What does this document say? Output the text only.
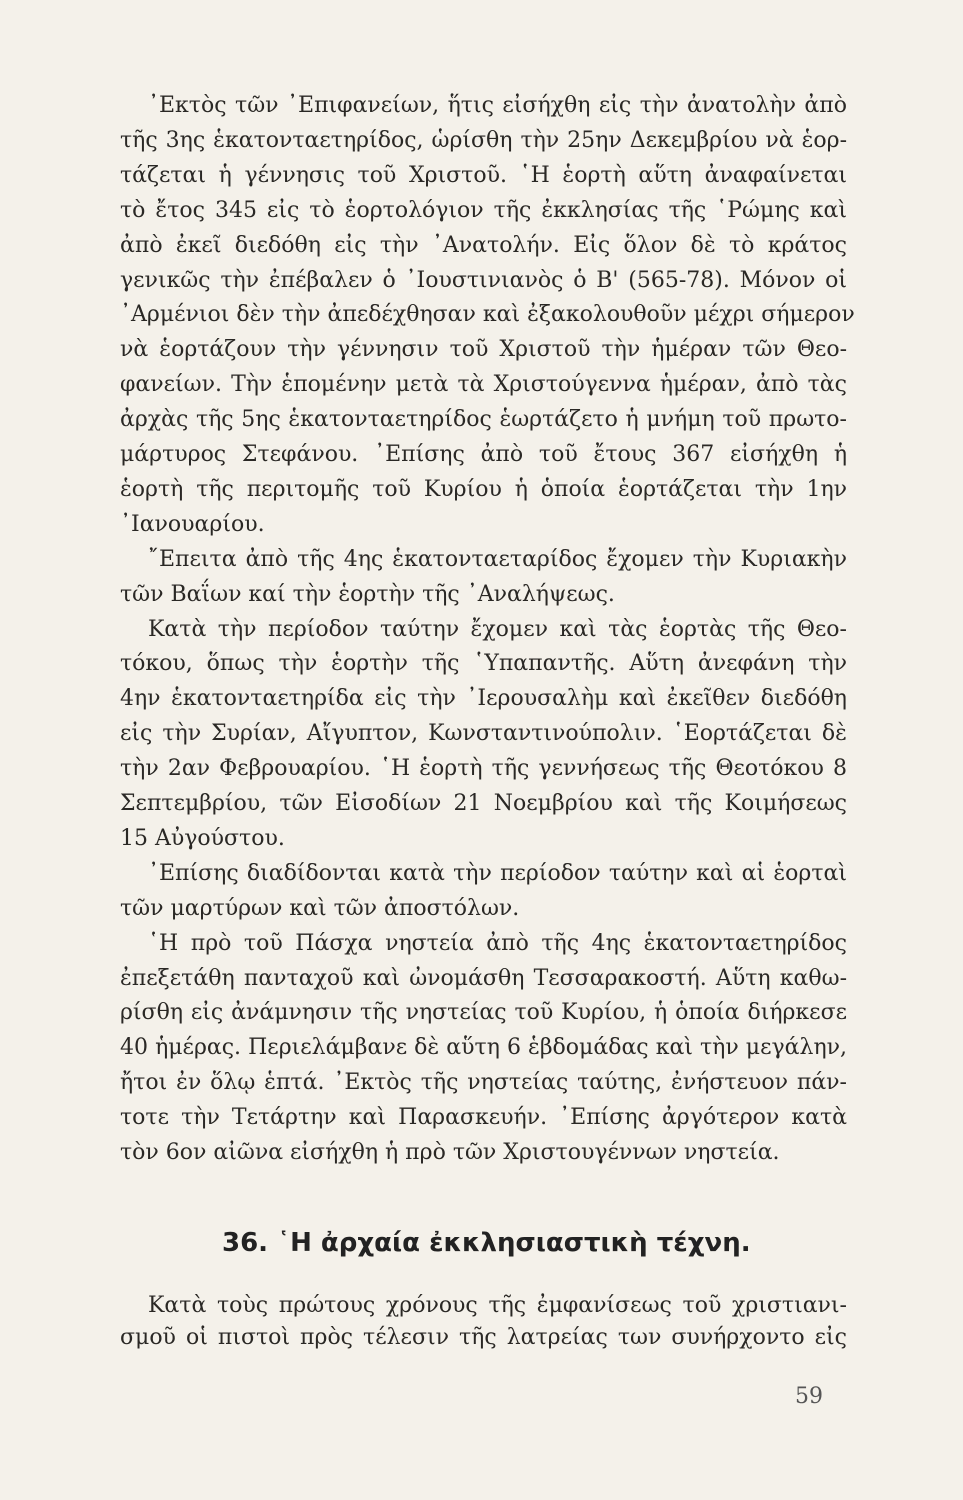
᾿Εκτὸς τῶν ᾿Επιφανείων, ἥτις εἰσήχθη εἰς τὴν ἀνατολὴν ἀπὸ
τῆς 3ης ἑκατονταετηρίδος, ὡρίσθη τὴν 25ην Δεκεμβρίου νὰ ἑορ-
τάζεται ἡ γέννησις τοῦ Χριστοῦ. ῾Η ἑορτὴ αὕτη ἀναφαίνεται
τὸ ἔτος 345 εἰς τὸ ἑορτολόγιον τῆς ἐκκλησίας τῆς ῾Ρώμης καὶ
ἀπὸ ἐκεῖ διεδόθη εἰς τὴν ᾿Ανατολήν. Εἰς ὅλον δὲ τὸ κράτος
γενικῶς τὴν ἐπέβαλεν ὁ ᾿Ιουστινιανὸς ὁ Β' (565-78). Μόνον οἱ
᾿Αρμένιοι δὲν τὴν ἀπεδέχθησαν καὶ ἐξακολουθοῦν μέχρι σήμερον
νὰ ἑορτάζουν τὴν γέννησιν τοῦ Χριστοῦ τὴν ἡμέραν τῶν Θεο-
φανείων. Τὴν ἑπομένην μετὰ τὰ Χριστούγεννα ἡμέραν, ἀπὸ τὰς
ἀρχὰς τῆς 5ης ἑκατονταετηρίδος ἑωρτάζετο ἡ μνήμη τοῦ πρωτο-
μάρτυρος Στεφάνου. ᾿Επίσης ἀπὸ τοῦ ἔτους 367 εἰσήχθη ἡ
ἑορτὴ τῆς περιτομῆς τοῦ Κυρίου ἡ ὁποία ἑορτάζεται τὴν 1ην
᾿Ιανουαρίου.
῎Επειτα ἀπὸ τῆς 4ης ἑκατονταεταρίδος ἔχομεν τὴν Κυριακὴν
τῶν Βαΐων καί τὴν ἑορτὴν τῆς ᾿Αναλήψεως.
Κατὰ τὴν περίοδον ταύτην ἔχομεν καὶ τὰς ἑορτὰς τῆς Θεο-
τόκου, ὅπως τὴν ἑορτὴν τῆς ῾Υπαπαντῆς. Αὕτη ἀνεφάνη τὴν
4ην ἑκατονταετηρίδα εἰς τὴν ᾿Ιερουσαλὴμ καὶ ἐκεῖθεν διεδόθη
εἰς τὴν Συρίαν, Αἴγυπτον, Κωνσταντινούπολιν. ῾Εορτάζεται δὲ
τὴν 2αν Φεβρουαρίου. ῾Η ἑορτὴ τῆς γεννήσεως τῆς Θεοτόκου 8
Σεπτεμβρίου, τῶν Εἰσοδίων 21 Νοεμβρίου καὶ τῆς Κοιμήσεως
15 Αὐγούστου.
᾿Επίσης διαδίδονται κατὰ τὴν περίοδον ταύτην καὶ αἱ ἑορταὶ
τῶν μαρτύρων καὶ τῶν ἀποστόλων.
῾Η πρὸ τοῦ Πάσχα νηστεία ἀπὸ τῆς 4ης ἑκατονταετηρίδος
ἐπεξετάθη πανταχοῦ καὶ ὠνομάσθη Τεσσαρακοστή. Αὕτη καθω-
ρίσθη εἰς ἀνάμνησιν τῆς νηστείας τοῦ Κυρίου, ἡ ὁποία διήρκεσε
40 ἡμέρας. Περιελάμβανε δὲ αὕτη 6 ἑβδομάδας καὶ τὴν μεγάλην,
ἤτοι ἐν ὅλῳ ἑπτά. ᾿Εκτὸς τῆς νηστείας ταύτης, ἐνήστευον πάν-
τοτε τὴν Τετάρτην καὶ Παρασκευήν. ᾿Επίσης ἀργότερον κατὰ
τὸν 6ον αἰῶνα εἰσήχθη ἡ πρὸ τῶν Χριστουγέννων νηστεία.
36. ῾Η ἀρχαία ἐκκλησιαστικὴ τέχνη.
Κατὰ τοὺς πρώτους χρόνους τῆς ἐμφανίσεως τοῦ χριστιανι-
σμοῦ οἱ πιστοὶ πρὸς τέλεσιν τῆς λατρείας των συνήρχοντο εἰς
59
